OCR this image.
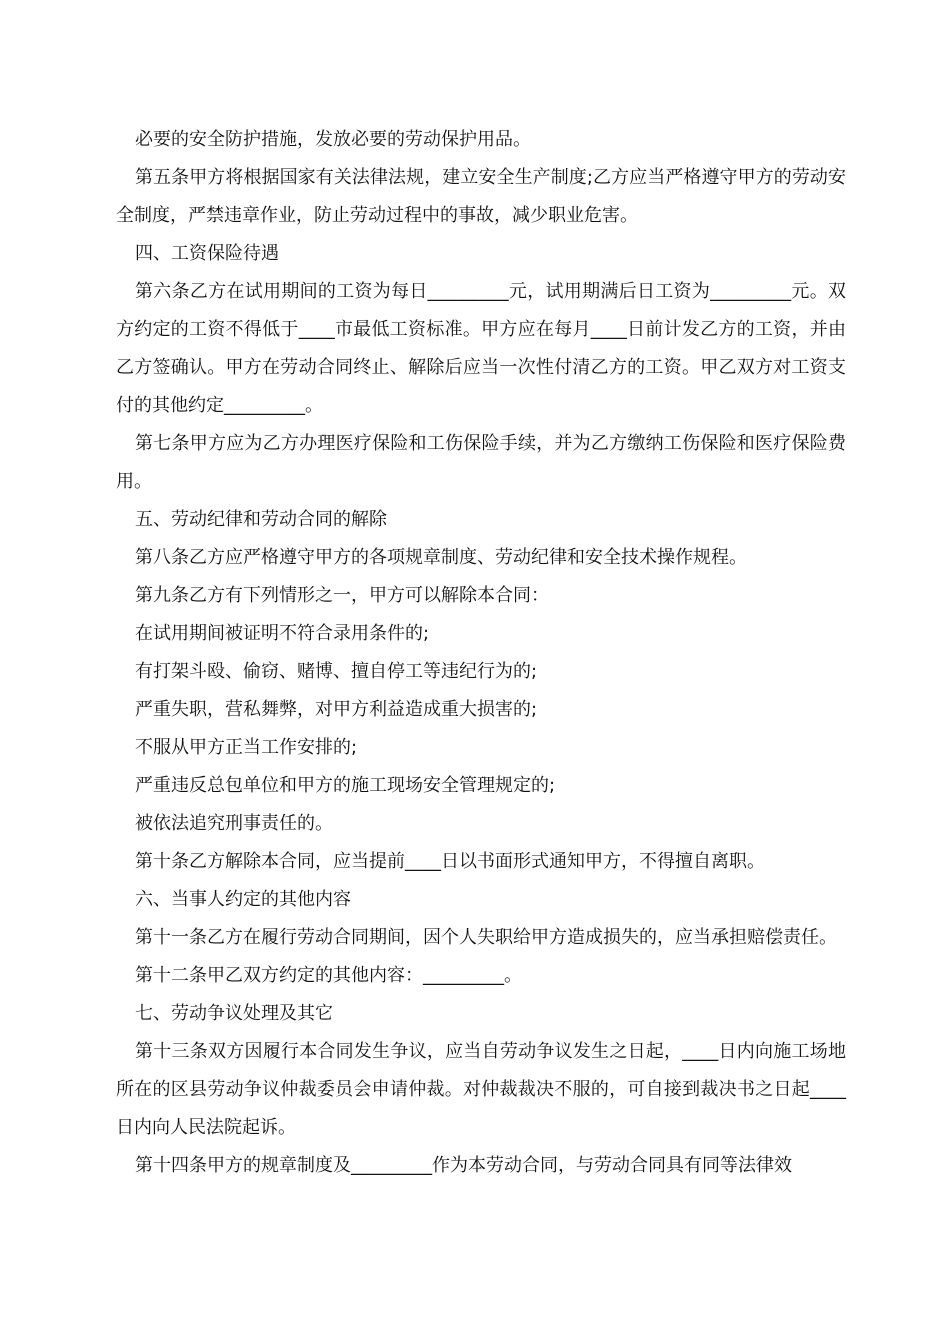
必要的安全防护措施，发放必要的劳动保护用品。

第五条甲方将根据国家有关法律法规，建立安全生产制度;乙方应当严格遵守甲方的劳动安全制度，严禁违章作业，防止劳动过程中的事故，减少职业危害。

四、工资保险待遇

第六条乙方在试用期间的工资为每日_________元，试用期满后日工资为_________元。双方约定的工资不得低于____市最低工资标准。甲方应在每月____日前计发乙方的工资，并由乙方签确认。甲方在劳动合同终止、解除后应当一次性付清乙方的工资。甲乙双方对工资支付的其他约定_________。

第七条甲方应为乙方办理医疗保险和工伤保险手续，并为乙方缴纳工伤保险和医疗保险费用。

五、劳动纪律和劳动合同的解除

第八条乙方应严格遵守甲方的各项规章制度、劳动纪律和安全技术操作规程。

第九条乙方有下列情形之一，甲方可以解除本合同：

在试用期间被证明不符合录用条件的;

有打架斗殴、偷窃、赌博、擅自停工等违纪行为的;

严重失职，营私舞弊，对甲方利益造成重大损害的;

不服从甲方正当工作安排的;

严重违反总包单位和甲方的施工现场安全管理规定的;

被依法追究刑事责任的。

第十条乙方解除本合同，应当提前____日以书面形式通知甲方，不得擅自离职。

六、当事人约定的其他内容

第十一条乙方在履行劳动合同期间，因个人失职给甲方造成损失的，应当承担赔偿责任。

第十二条甲乙双方约定的其他内容：_________。

七、劳动争议处理及其它

第十三条双方因履行本合同发生争议，应当自劳动争议发生之日起，____日内向施工场地所在的区县劳动争议仲裁委员会申请仲裁。对仲裁裁决不服的，可自接到裁决书之日起____日内向人民法院起诉。

第十四条甲方的规章制度及_________作为本劳动合同，与劳动合同具有同等法律效
